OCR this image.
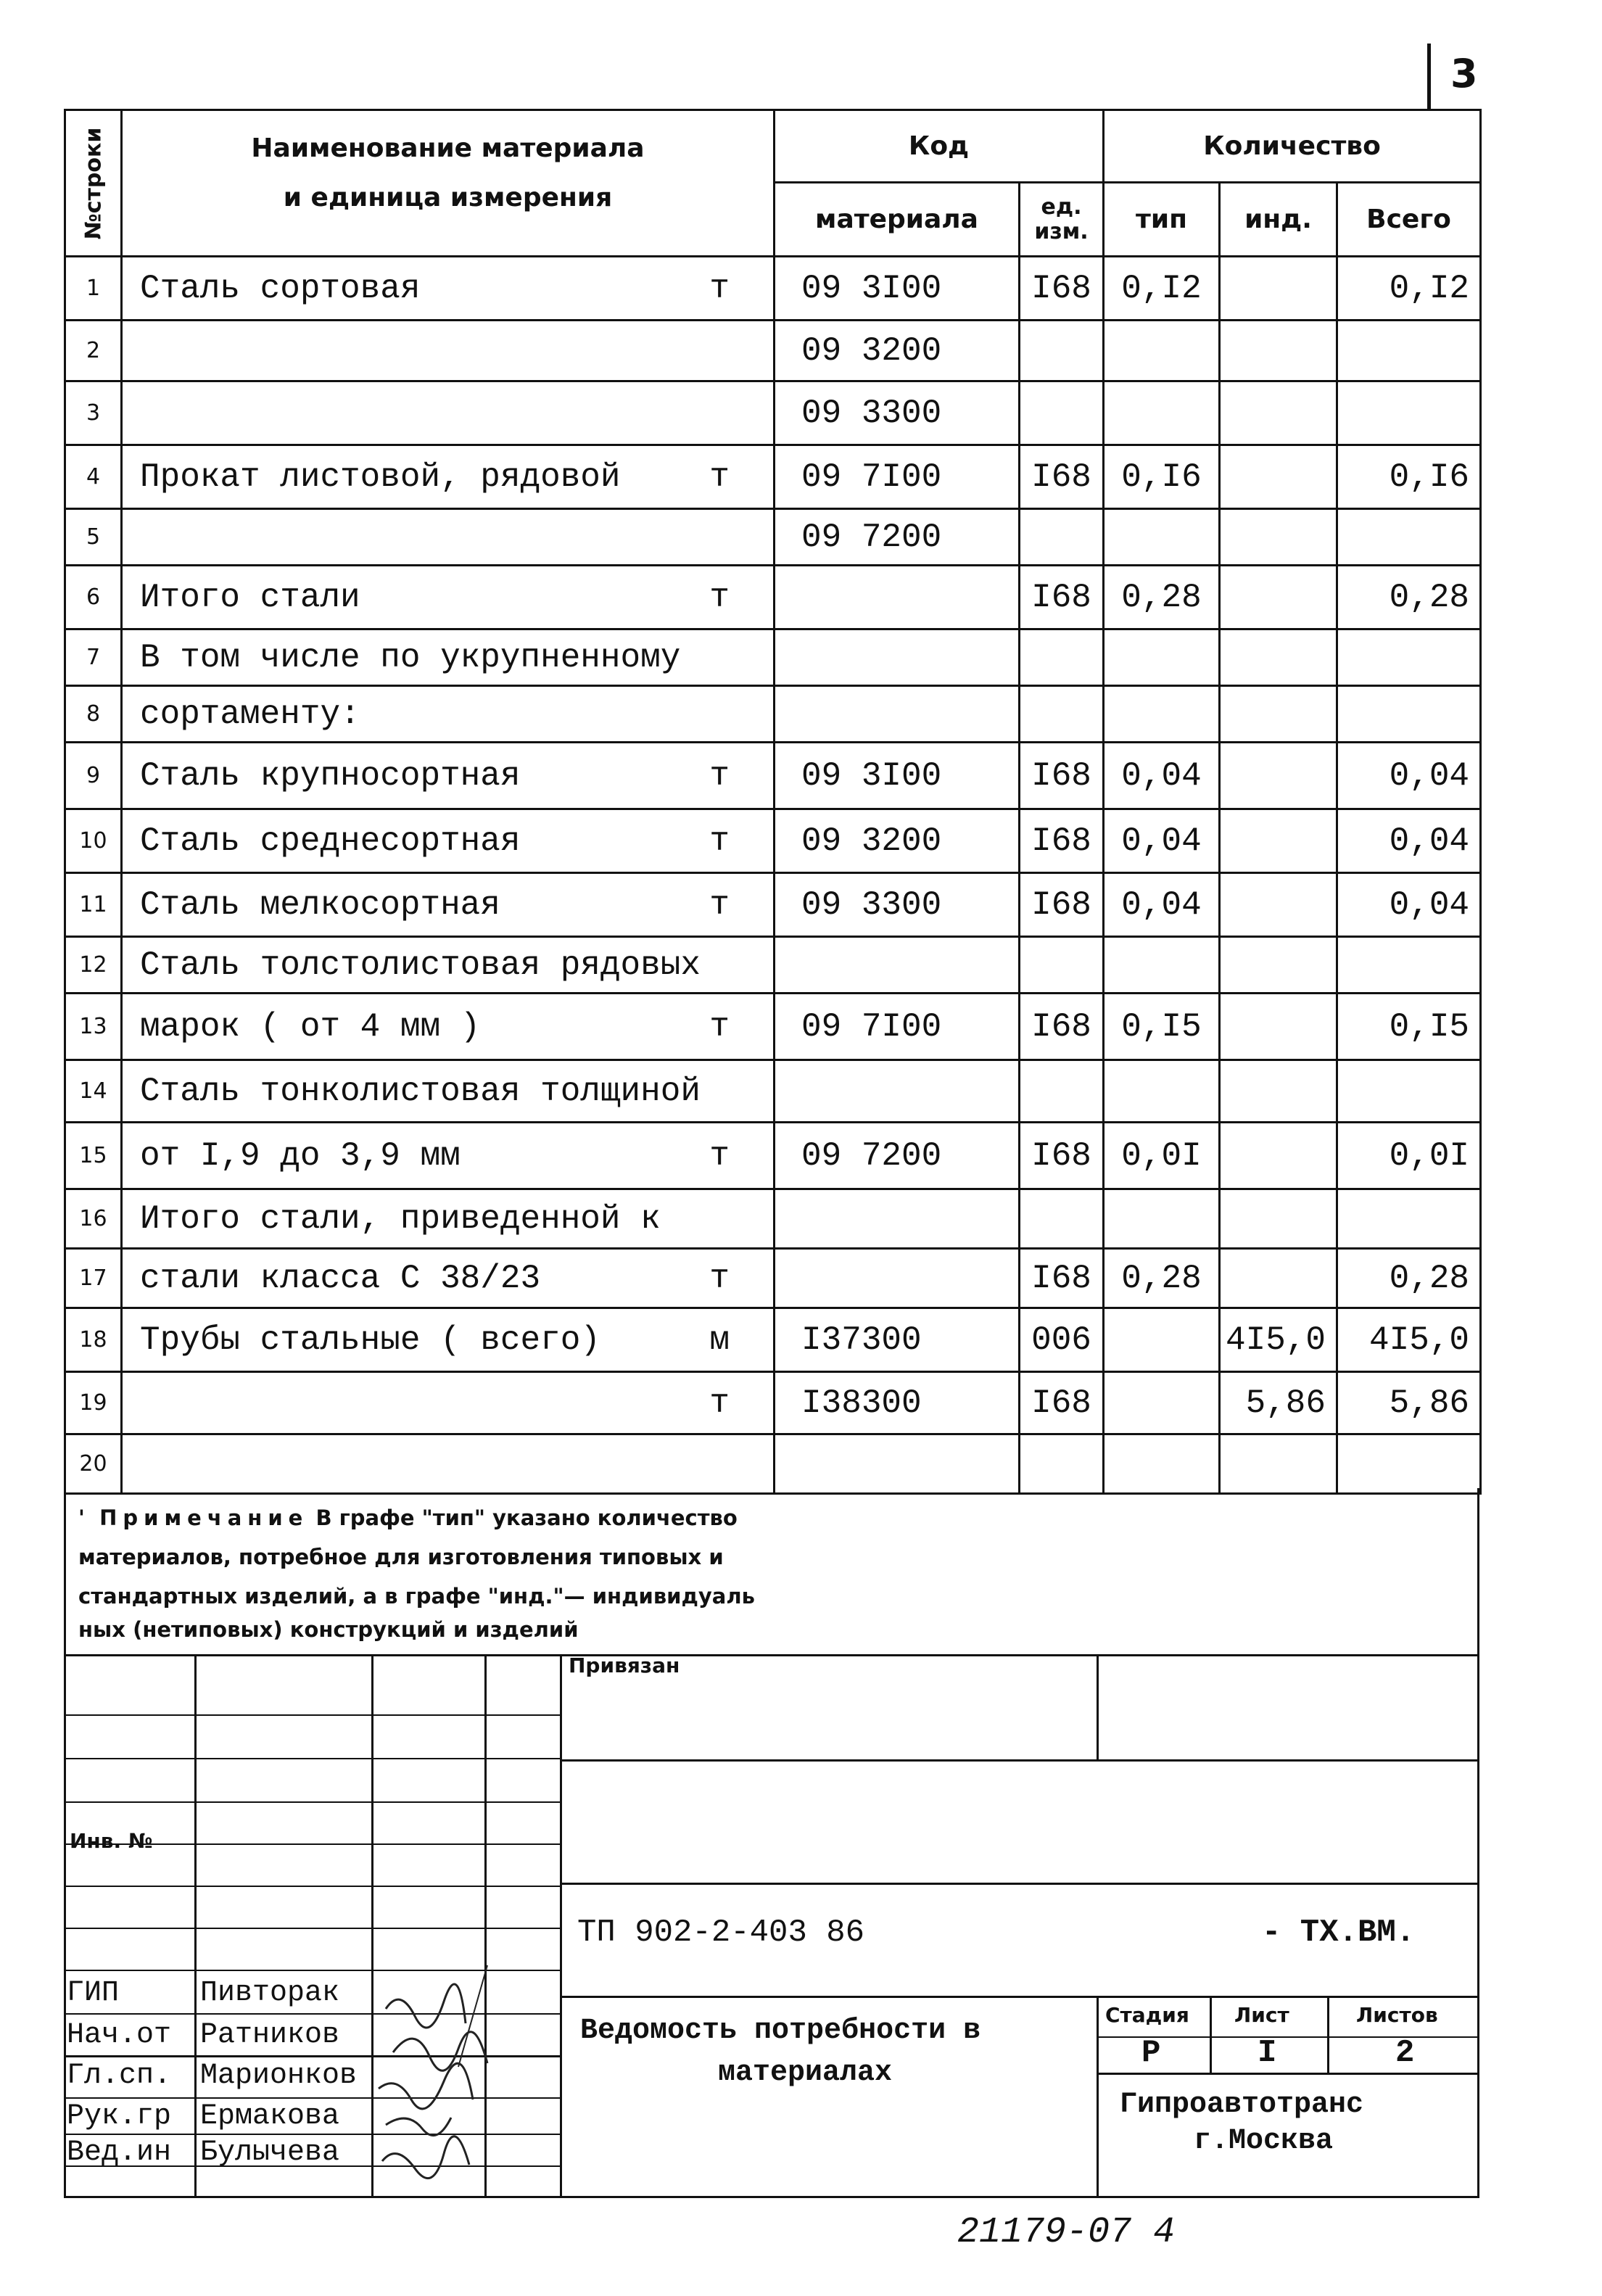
3
№строки	Наименование материала
и единица измерения	Код		Количество		
		материала	ед. изм.	тип	инд.	Всего
1	Сталь сортовая т	09 3I00	I68	0,I2		0,I2
2		09 3200				
3		09 3300				
4	Прокат листовой, рядовой т	09 7I00	I68	0,I6		0,I6
5		09 7200				
6	Итого стали т		I68	0,28		0,28
7	В том числе по укрупненному

8	сортаменту:

9	Сталь крупносортная т	09 3I00	I68	0,04		0,04
10	Сталь среднесортная т	09 3200	I68	0,04		0,04
11	Сталь мелкосортная т	09 3300	I68	0,04		0,04
12	Сталь толстолистовая рядовых

13	марок ( от 4 мм ) т	09 7I00	I68	0,I5		0,I5
14	Сталь тонколистовая толщиной

15	от I,9 до 3,9 мм т	09 7200	I68	0,0I		0,0I
16	Итого стали, приведенной к

17	стали класса С 38/23 т		I68	0,28		0,28
18	Трубы стальные ( всего) м	I37300	006		4I5,0	4I5,0
19	т	I38300	I68		5,86	5,86
20	

' Примечание В графе "тип" указано количество
материалов, потребное для изготовления типовых и
стандартных изделий, а в графе "инд."— индивидуаль
ных (нетиповых) конструкций и изделий
Привязан
Инв. №
ТП 902-2-403 86	- ТХ.ВМ.
Ведомость потребности в
материалах
Стадия Лист	Листов
Р	I	2
Гипроавтотранс
г.Москва
ГИП	Пивторак
Нач.от Ратников
Гл.сп. Марионков
Рук.гр Ермакова
Вед.ин Булычева
21179-07 4
